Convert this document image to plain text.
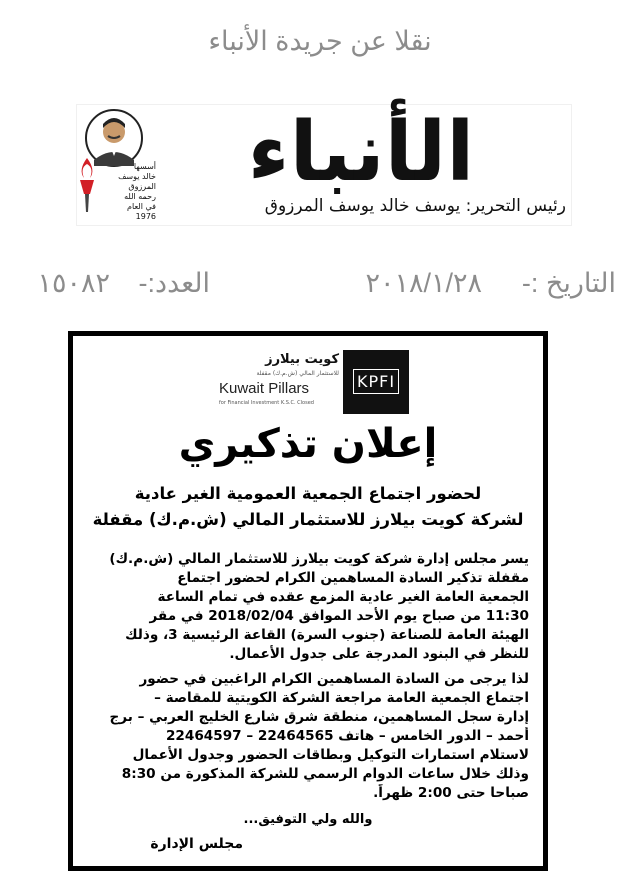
نقلا عن جريدة الأنباء
أسسها
خالد يوسف
المرزوق
رحمه الله
في العام
1976
الأنباء
رئيس التحرير: يوسف خالد يوسف المرزوق
التاريخ :-
٢٠١٨/١/٢٨
العدد:-
١٥٠٨٢
KPFI
كويت بيلارز
للاستثمار المالي (ش.م.ك) مقفلة
Kuwait Pillars
for Financial Investment K.S.C. Closed
إعلان تذكيري
لحضور اجتماع الجمعية العمومية الغير عادية
لشركة كويت بيلارز للاستثمار المالي (ش.م.ك) مقفلة
يسر مجلس إدارة شركة كويت بيلارز للاستثمار المالي (ش.م.ك)
مقفلة تذكير السادة المساهمين الكرام لحضور اجتماع
الجمعية العامة الغير عادية المزمع عقده في تمام الساعة
11:30 من صباح يوم الأحد الموافق 2018/02/04 في مقر
الهيئة العامة للصناعة (جنوب السرة) القاعة الرئيسية 3، وذلك
للنظر في البنود المدرجة على جدول الأعمال.
لذا يرجى من السادة المساهمين الكرام الراغبين في حضور
اجتماع الجمعية العامة مراجعة الشركة الكويتية للمقاصة –
إدارة سجل المساهمين، منطقة شرق شارع الخليج العربي – برج
أحمد – الدور الخامس – هاتف 22464565 – 22464597
لاستلام استمارات التوكيل وبطاقات الحضور وجدول الأعمال
وذلك خلال ساعات الدوام الرسمي للشركة المذكورة من 8:30
صباحا حتى 2:00 ظهراً.
والله ولي التوفيق...
مجلس الإدارة
